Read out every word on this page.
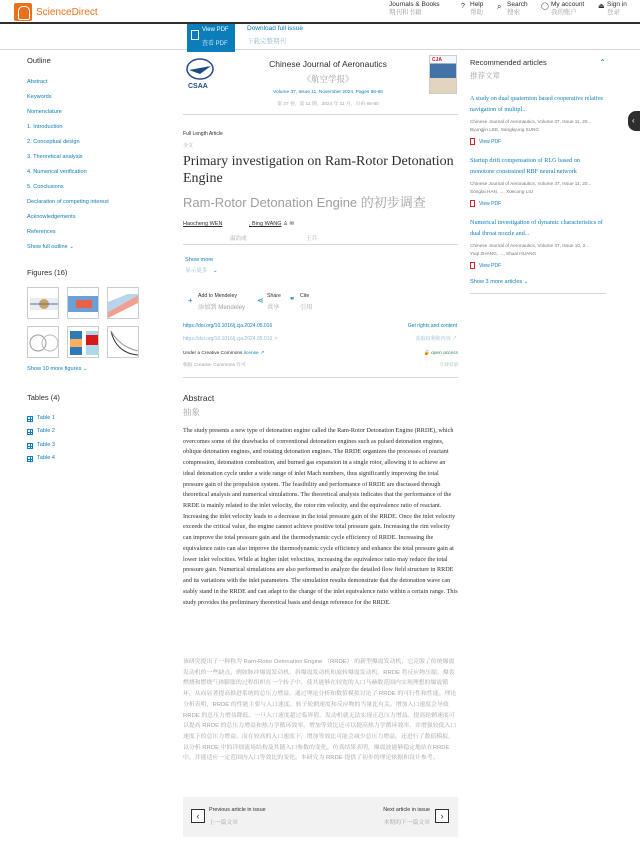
ScienceDirect
Journals & Books
期刊和书籍
Help
帮助
Search
搜索
My account
我的账户
Sign in
登录
?	⌕	◯	⏏
View PDF
查看 PDF
Download full issue
下载完整期刊
Outline
Abstract
Keywords
Nomenclature
1. Introduction
2. Conceptual design
3. Theoretical analysis
4. Numerical verification
5. Conclusions
Declaration of competing interest
Acknowledgements
References
Show full outline ⌄
Figures (16)
Show 10 more figures ⌄
Tables (4)
Table 1
Table 2
Table 3
Table 4
CSAA
Chinese Journal of Aeronautics
《航空学报》
Volume 37, Issue 11, November 2024, Pages 66-80
第 37 卷，第 11 期，2024 年 11 月，页码 66-80
CJA
Full Length Article
全文
Primary investigation on Ram-Rotor Detonation Engine
Ram-Rotor Detonation Engine 的初步调查
Haocheng WEN
温浩成
, Bing WANG ♙ ✉
王兵
Show more
显示更多 ⌄
+ Add to Mendeley
添加到 Mendeley
⋖ Share
共享
❞ Cite
引用
https://doi.org/10.1016/j.cja.2024.05.016
https://doi.org/10.1016/j.cja.2024.05.016 ↗
Get rights and content
获取权利和内容 ↗
Under a Creative Commons license ↗
根据 Creative Commons 许可
🔓 open access

开放获取
Abstract
抽象
The study presents a new type of detonation engine called the Ram-Rotor Detonation Engine (RRDE), which overcomes some of the drawbacks of conventional detonation engines such as pulsed detonation engines, oblique detonation engines, and rotating detonation engines. The RRDE organizes the processes of reactant compression, detonation combustion, and burned gas expansion in a single rotor, allowing it to achieve an ideal detonation cycle under a wide range of inlet Mach numbers, thus significantly improving the total pressure gain of the propulsion system. The feasibility and performance of RRDE are discussed through theoretical analysis and numerical simulations. The theoretical analysis indicates that the performance of the RRDE is mainly related to the inlet velocity, the rotor rim velocity, and the equivalence ratio of reactant. Increasing the inlet velocity leads to a decrease in the total pressure gain of the RRDE. Once the inlet velocity exceeds the critical value, the engine cannot achieve positive total pressure gain. Increasing the rim velocity can improve the total pressure gain and the thermodynamic cycle efficiency of RRDE. Increasing the equivalence ratio can also improve the thermodynamic cycle efficiency and enhance the total pressure gain at lower inlet velocities. While at higher inlet velocities, increasing the equivalence ratio may reduce the total pressure gain. Numerical simulations are also performed to analyze the detailed flow field structure in RRDE and its variations with the inlet parameters. The simulation results demonstrate that the detonation wave can stably stand in the RRDE and can adapt to the change of the inlet equivalence ratio within a certain range. This study provides the preliminary theoretical basis and design reference for the RRDE.
该研究提出了一种称为 Ram-Rotor Detonation Engine （RRDE） 的新型爆震发动机，它克服了传统爆震发动机的一些缺点，例如脉冲爆震发动机、斜爆震发动机和旋转爆震发动机。RRDE 将反应物压缩、爆轰燃烧和燃烧气体膨胀的过程组织在一个转子中，使其能够在较宽的入口马赫数范围内实现理想的爆震循环，从而显著提高推进系统的总压力增益。通过理论分析和数值模拟讨论了 RRDE 的可行性和性能。理论分析表明，RRDE 的性能主要与入口速度、转子轮辋速度和反应物的当量比有关。增加入口速度会导致 RRDE 的总压力增益降低。一旦入口速度超过临界值，发动机就无法实现正总压力增益。提高轮辋速度可以提高 RRDE 的总压力增益和热力学循环效率。增加等效比还可以提高热力学循环效率，并增强较低入口速度下的总压力增益。而在较高的入口速度下，增加等效比可能会减少总压力增益。还进行了数值模拟，以分析 RRDE 中的详细流场结构及其随入口参数的变化。仿真结果表明，爆震波能够稳定地站在RRDE中，并能适应一定范围内入口等效比的变化。本研究为 RRDE 提供了初步的理论依据和设计参考。
‹
Previous article in issue
上一篇文章
Next article in issue
本期的下一篇文章
›
Recommended articles
推荐文章
⌃
A study on dual quaternion based cooperative relative navigation of multipl...
Chinese Journal of Aeronautics, Volume 37, Issue 11, 20...
Byungjin LEE, Sangkyung SUNG
View PDF
Startup drift compensation of RLG based on monotone constrained RBF neural network
Chinese Journal of Aeronautics, Volume 37, Issue 11, 20...
Songlai HAN, ..., Xuecong LIU
View PDF
Numerical investigation of dynamic characteristics of dual throat nozzle and...
Chinese Journal of Aeronautics, Volume 37, Issue 10, 2...
Yuqi ZHANG, ..., Shuai HUANG
View PDF
Show 3 more articles ⌄
‹
